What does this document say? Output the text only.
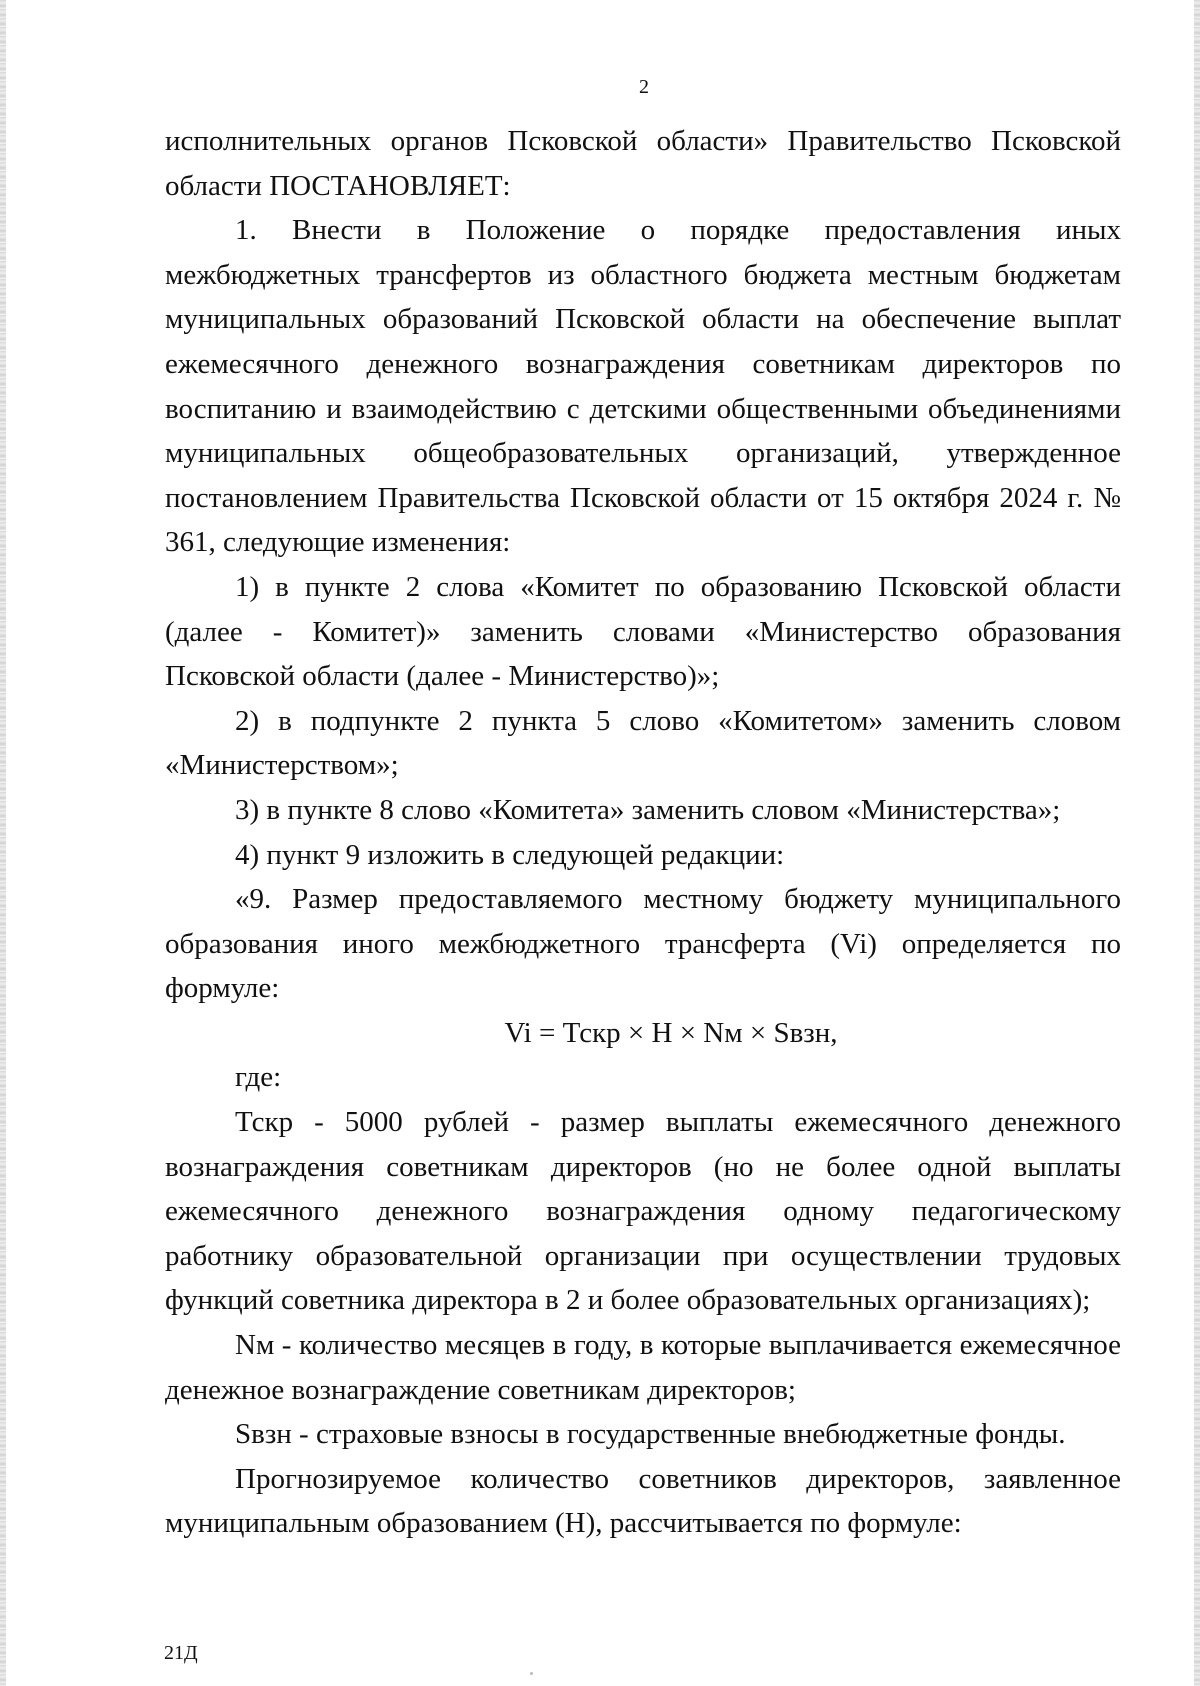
2

исполнительных органов Псковской области» Правительство Псковской области ПОСТАНОВЛЯЕТ:

1. Внести в Положение о порядке предоставления иных межбюджетных трансфертов из областного бюджета местным бюджетам муниципальных образований Псковской области на обеспечение выплат ежемесячного денежного вознаграждения советникам директоров по воспитанию и взаимодействию с детскими общественными объединениями муниципальных общеобразовательных организаций, утвержденное постановлением Правительства Псковской области от 15 октября 2024 г. № 361, следующие изменения:

1) в пункте 2 слова «Комитет по образованию Псковской области (далее - Комитет)» заменить словами «Министерство образования Псковской области (далее - Министерство)»;

2) в подпункте 2 пункта 5 слово «Комитетом» заменить словом «Министерством»;

3) в пункте 8 слово «Комитета» заменить словом «Министерства»;

4) пункт 9 изложить в следующей редакции:

«9. Размер предоставляемого местному бюджету муниципального образования иного межбюджетного трансферта (Vi) определяется по формуле:

Vi = Тскр × Н × Nм × Sвзн,

где:

Тскр - 5000 рублей - размер выплаты ежемесячного денежного вознаграждения советникам директоров (но не более одной выплаты ежемесячного денежного вознаграждения одному педагогическому работнику образовательной организации при осуществлении трудовых функций советника директора в 2 и более образовательных организациях);

Nм - количество месяцев в году, в которые выплачивается ежемесячное денежное вознаграждение советникам директоров;

Sвзн - страховые взносы в государственные внебюджетные фонды.

Прогнозируемое количество советников директоров, заявленное муниципальным образованием (Н), рассчитывается по формуле:

21Д
